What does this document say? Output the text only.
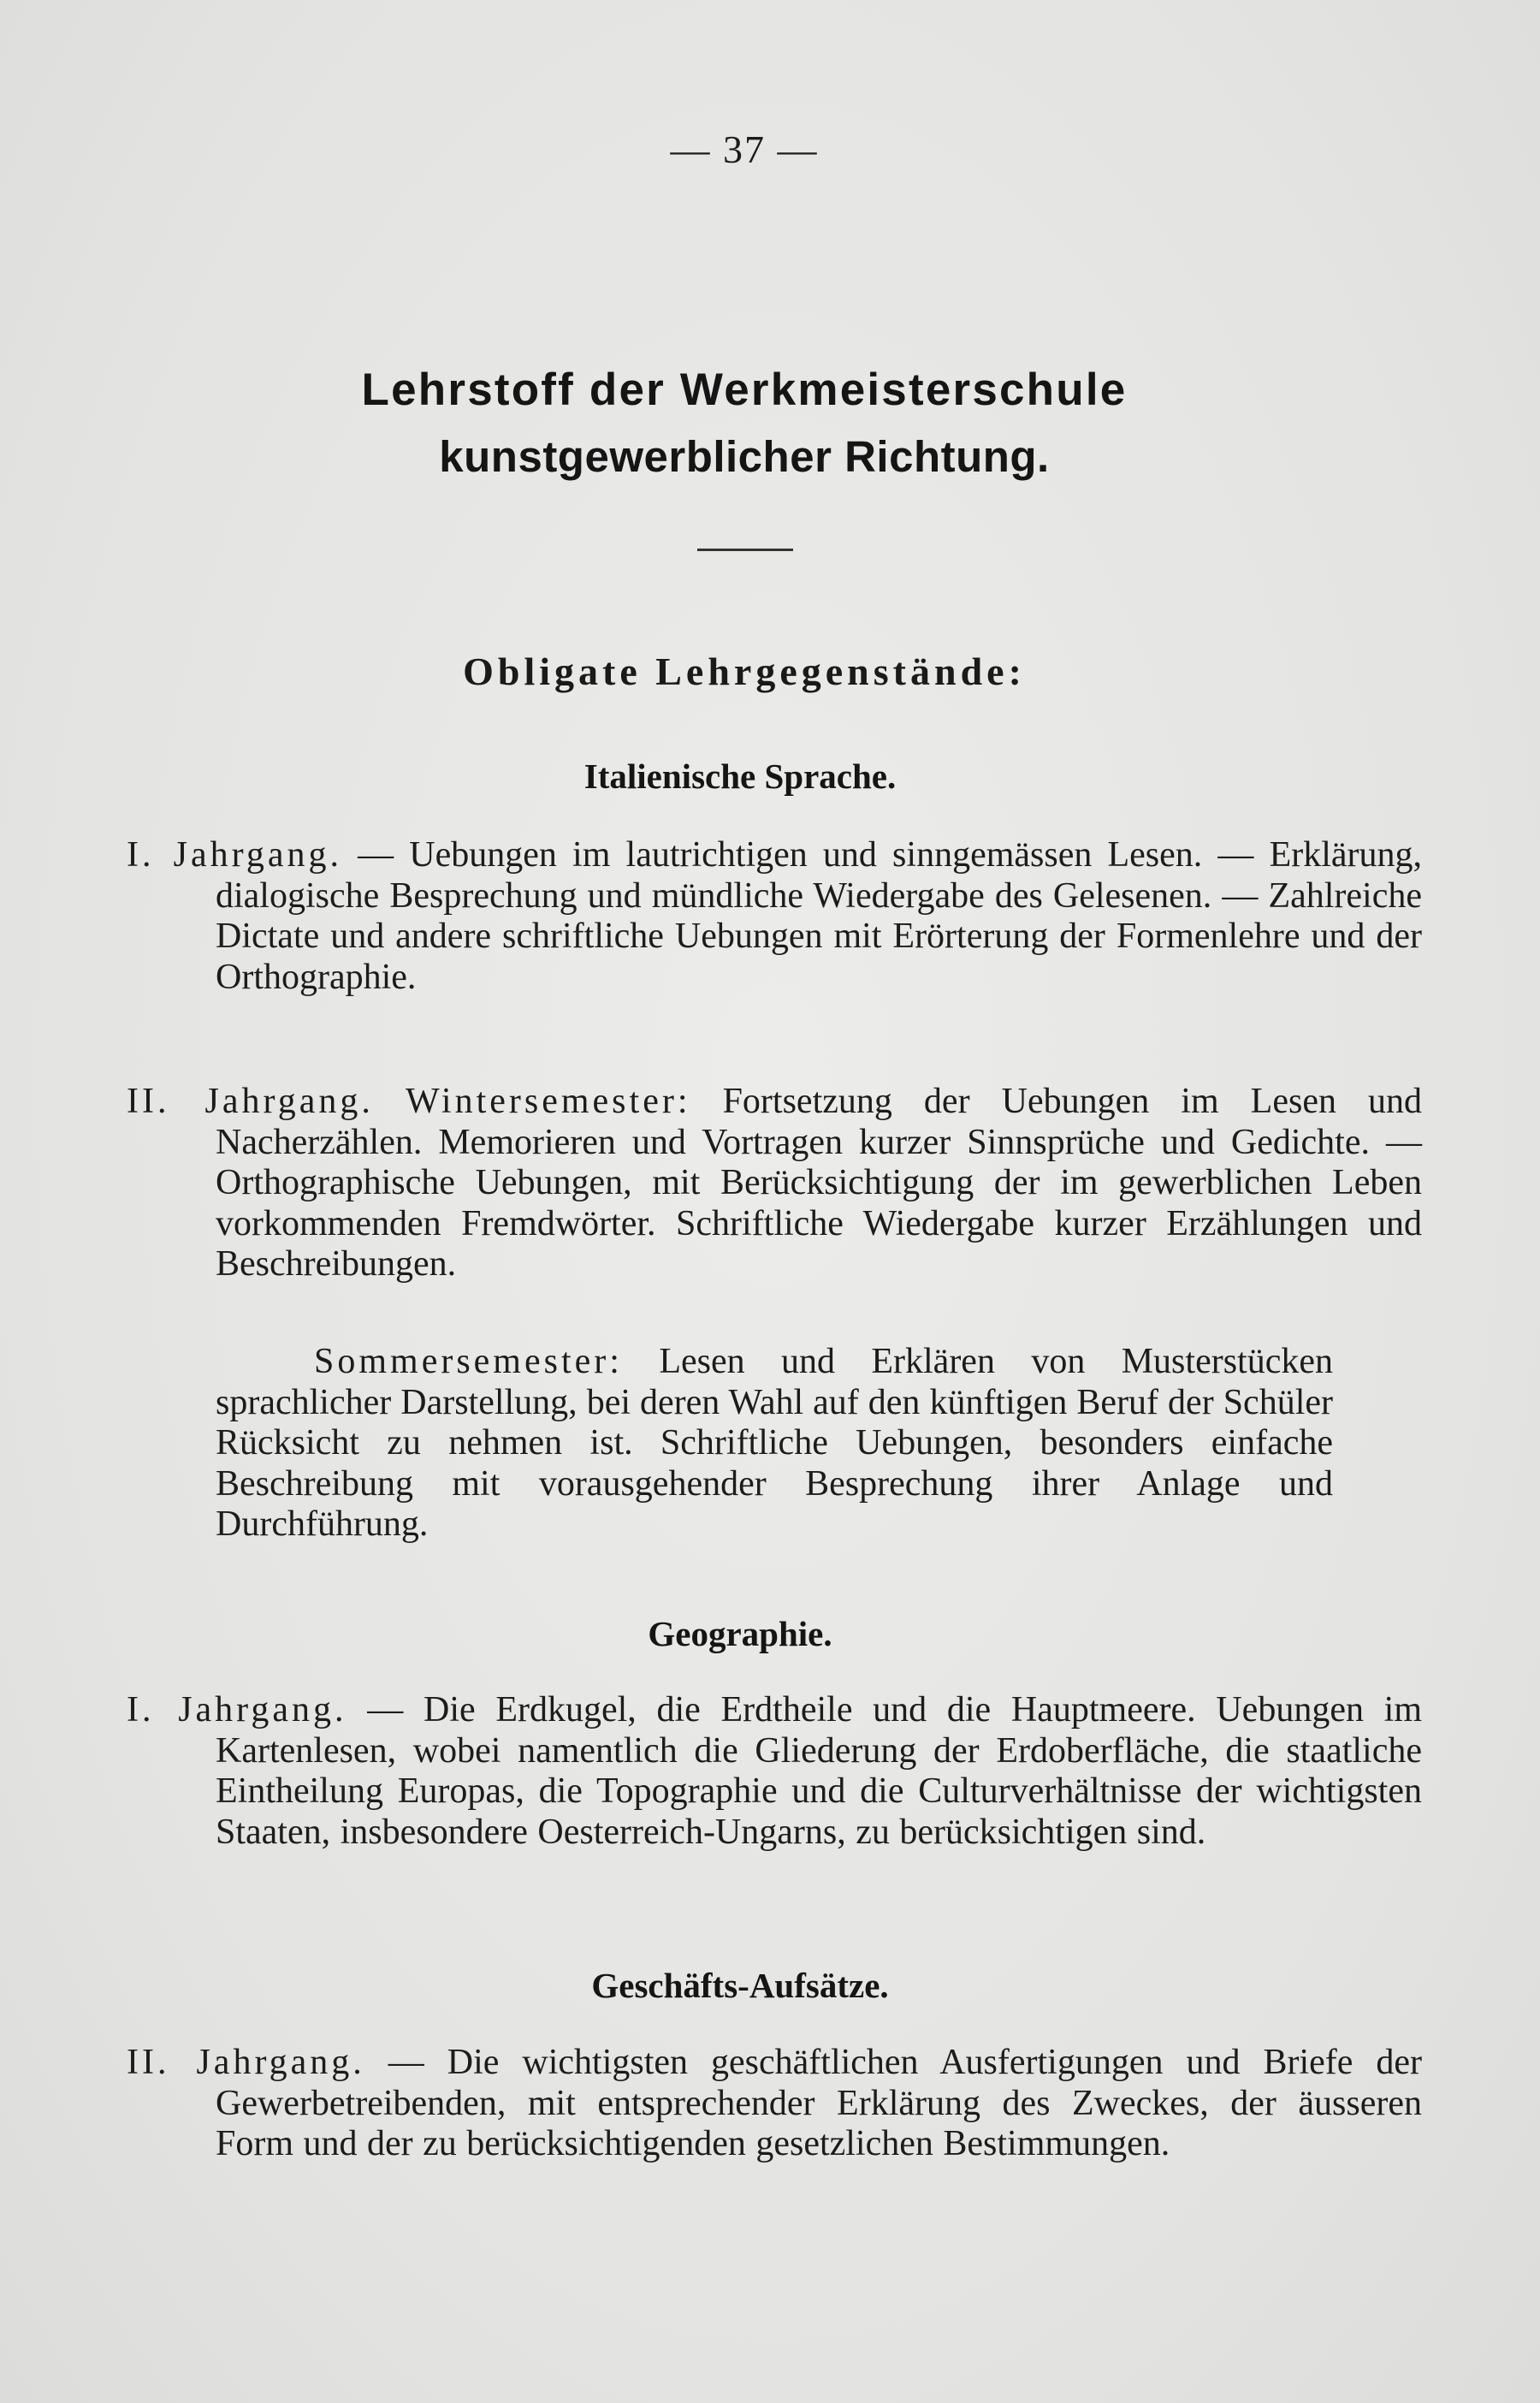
— 37 —
Lehrstoff der Werkmeisterschule
kunstgewerblicher Richtung.
Obligate Lehrgegenstände:
Italienische Sprache.
I. Jahrgang. — Uebungen im lautrichtigen und sinngemässen Lesen. — Erklärung, dialogische Besprechung und mündliche Wiedergabe des Gelesenen. — Zahlreiche Dictate und andere schriftliche Uebungen mit Erörterung der Formenlehre und der Orthographie.
II. Jahrgang. Wintersemester: Fortsetzung der Uebungen im Lesen und Nacherzählen. Memorieren und Vortragen kurzer Sinnsprüche und Gedichte. — Orthographische Uebungen, mit Berücksichtigung der im gewerblichen Leben vorkommenden Fremdwörter. Schriftliche Wiedergabe kurzer Erzählungen und Beschreibungen.
Sommersemester: Lesen und Erklären von Musterstücken sprachlicher Darstellung, bei deren Wahl auf den künftigen Beruf der Schüler Rücksicht zu nehmen ist. Schriftliche Uebungen, besonders einfache Beschreibung mit vorausgehender Besprechung ihrer Anlage und Durchführung.
Geographie.
I. Jahrgang. — Die Erdkugel, die Erdtheile und die Hauptmeere. Uebungen im Kartenlesen, wobei namentlich die Gliederung der Erdoberfläche, die staatliche Eintheilung Europas, die Topographie und die Culturverhältnisse der wichtigsten Staaten, insbesondere Oesterreich-Ungarns, zu berücksichtigen sind.
Geschäfts-Aufsätze.
II. Jahrgang. — Die wichtigsten geschäftlichen Ausfertigungen und Briefe der Gewerbetreibenden, mit entsprechender Erklärung des Zweckes, der äusseren Form und der zu berücksichtigenden gesetzlichen Bestimmungen.
